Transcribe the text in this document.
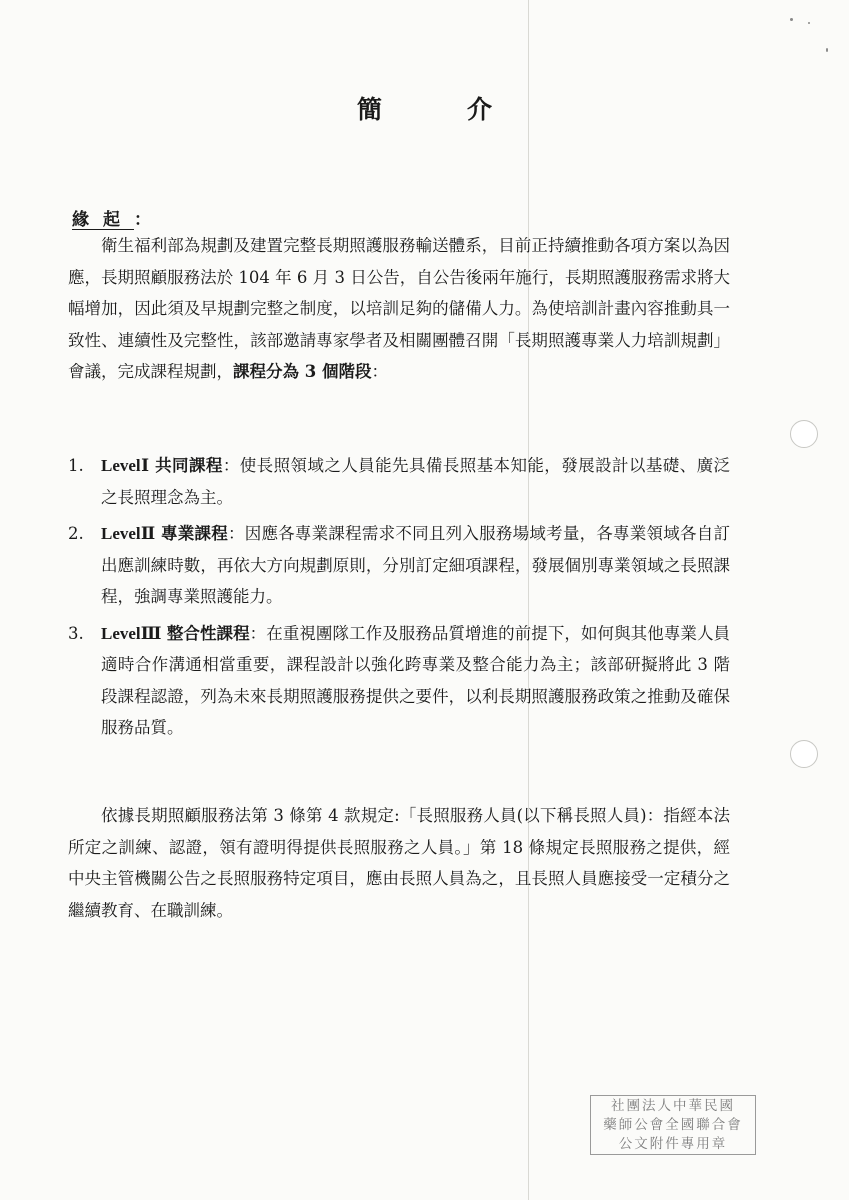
簡　介
緣起：

衛生福利部為規劃及建置完整長期照護服務輸送體系，目前正持續推動各項方案以為因應，長期照顧服務法於 104 年 6 月 3 日公告，自公告後兩年施行，長期照護服務需求將大幅增加，因此須及早規劃完整之制度，以培訓足夠的儲備人力。為使培訓計畫內容推動具一致性、連續性及完整性，該部邀請專家學者及相關團體召開「長期照護專業人力培訓規劃」會議，完成課程規劃，課程分為 3 個階段：

1. LevelⅠ 共同課程：使長照領域之人員能先具備長照基本知能，發展設計以基礎、廣泛之長照理念為主。
2. LevelⅡ 專業課程：因應各專業課程需求不同且列入服務場域考量，各專業領域各自訂出應訓練時數，再依大方向規劃原則，分別訂定細項課程，發展個別專業領域之長照課程，強調專業照護能力。
3. LevelⅢ 整合性課程：在重視團隊工作及服務品質增進的前提下，如何與其他專業人員適時合作溝通相當重要，課程設計以強化跨專業及整合能力為主；該部研擬將此 3 階段課程認證，列為未來長期照護服務提供之要件，以利長期照護服務政策之推動及確保服務品質。

依據長期照顧服務法第 3 條第 4 款規定:「長照服務人員(以下稱長照人員)：指經本法所定之訓練、認證，領有證明得提供長照服務之人員。」第 18 條規定長照服務之提供，經中央主管機關公告之長照服務特定項目，應由長照人員為之，且長照人員應接受一定積分之繼續教育、在職訓練。

社團法人中華民國
藥師公會全國聯合會
公文附件專用章
